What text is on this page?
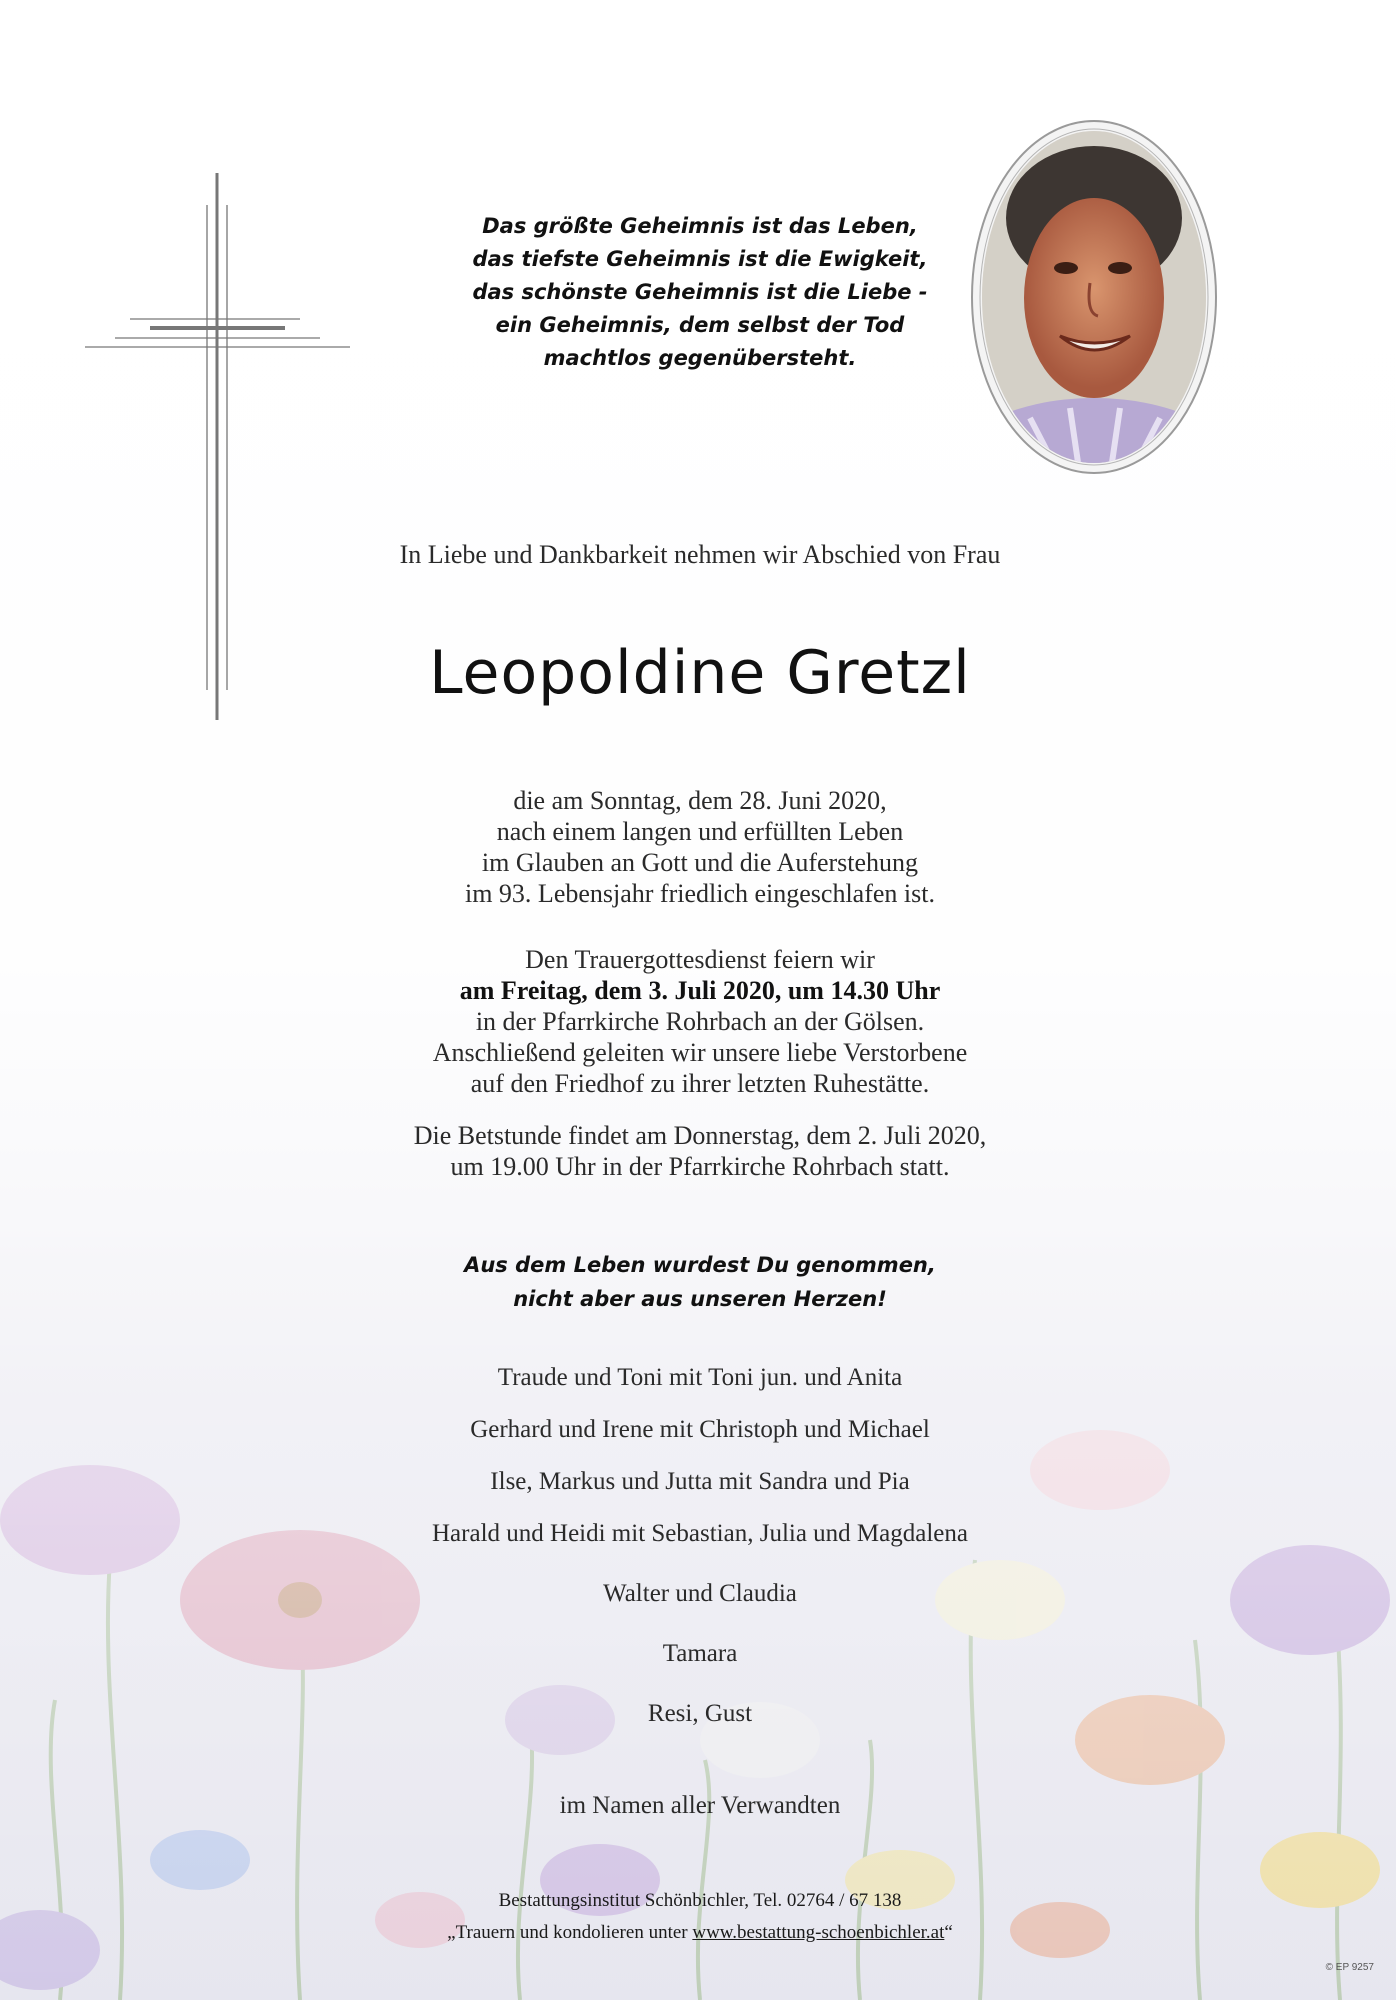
Das größte Geheimnis ist das Leben,
das tiefste Geheimnis ist die Ewigkeit,
das schönste Geheimnis ist die Liebe -
ein Geheimnis, dem selbst der Tod
machtlos gegenübersteht.
In Liebe und Dankbarkeit nehmen wir Abschied von Frau
Leopoldine Gretzl
die am Sonntag, dem 28. Juni 2020,
nach einem langen und erfüllten Leben
im Glauben an Gott und die Auferstehung
im 93. Lebensjahr friedlich eingeschlafen ist.
Den Trauergottesdienst feiern wir
am Freitag, dem 3. Juli 2020, um 14.30 Uhr
in der Pfarrkirche Rohrbach an der Gölsen.
Anschließend geleiten wir unsere liebe Verstorbene
auf den Friedhof zu ihrer letzten Ruhestätte.
Die Betstunde findet am Donnerstag, dem 2. Juli 2020,
um 19.00 Uhr in der Pfarrkirche Rohrbach statt.
Aus dem Leben wurdest Du genommen,
nicht aber aus unseren Herzen!
Traude und Toni mit Toni jun. und Anita
Gerhard und Irene mit Christoph und Michael
Ilse, Markus und Jutta mit Sandra und Pia
Harald und Heidi mit Sebastian, Julia und Magdalena
Walter und Claudia
Tamara
Resi, Gust
im Namen aller Verwandten
Bestattungsinstitut Schönbichler, Tel. 02764 / 67 138
„Trauern und kondolieren unter www.bestattung-schoenbichler.at“
© EP 9257
